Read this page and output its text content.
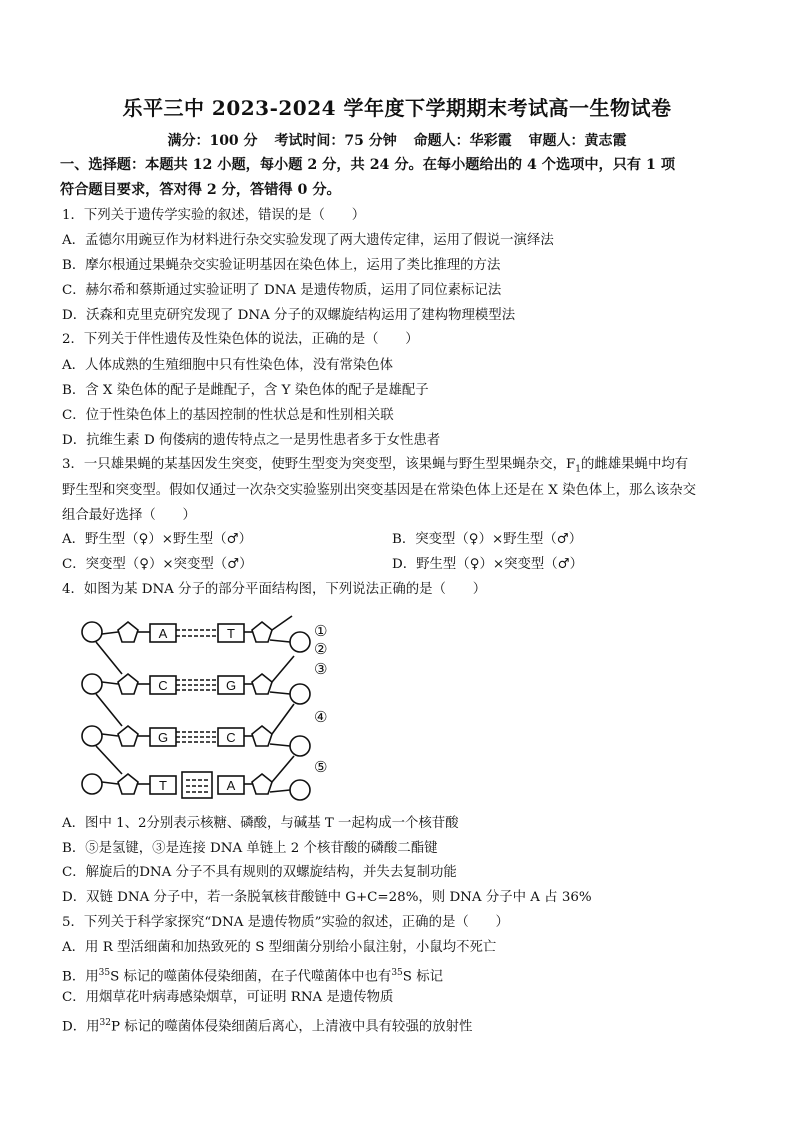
乐平三中 2023-2024 学年度下学期期末考试高一生物试卷
满分：100 分 考试时间：75 分钟 命题人：华彩霞 审题人：黄志霞
一、选择题：本题共 12 小题，每小题 2 分，共 24 分。在每小题给出的 4 个选项中，只有 1 项
符合题目要求，答对得 2 分，答错得 0 分。
1．下列关于遗传学实验的叙述，错误的是（　　）
A．孟德尔用豌豆作为材料进行杂交实验发现了两大遗传定律，运用了假说一演绎法
B．摩尔根通过果蝇杂交实验证明基因在染色体上，运用了类比推理的方法
C．赫尔希和蔡斯通过实验证明了 DNA 是遗传物质，运用了同位素标记法
D．沃森和克里克研究发现了 DNA 分子的双螺旋结构运用了建构物理模型法
2．下列关于伴性遗传及性染色体的说法，正确的是（　　）
A．人体成熟的生殖细胞中只有性染色体，没有常染色体
B．含 X 染色体的配子是雌配子，含 Y 染色体的配子是雄配子
C．位于性染色体上的基因控制的性状总是和性别相关联
D．抗维生素 D 佝偻病的遗传特点之一是男性患者多于女性患者
3．一只雄果蝇的某基因发生突变，使野生型变为突变型，该果蝇与野生型果蝇杂交，$F_1$的雌雄果蝇中均有
野生型和突变型。假如仅通过一次杂交实验鉴别出突变基因是在常染色体上还是在 X 染色体上，那么该杂交
组合最好选择（　　）
A．野生型（♀）×野生型（♂）	B．突变型（♀）×野生型（♂）
C．突变型（♀）×突变型（♂）	D．野生型（♀）×突变型（♂）
4．如图为某 DNA 分子的部分平面结构图，下列说法正确的是（　　）
A	T
C	G
G	C
T	A
①
②
③
④
⑤
A．图中 1、2分别表示核糖、磷酸，与碱基 T 一起构成一个核苷酸
B．⑤是氢键，③是连接 DNA 单链上 2 个核苷酸的磷酸二酯键
C．解旋后的DNA 分子不具有规则的双螺旋结构，并失去复制功能
D．双链 DNA 分子中，若一条脱氧核苷酸链中 G+C=28%，则 DNA 分子中 A 占 36%
5．下列关于科学家探究“DNA 是遗传物质”实验的叙述，正确的是（　　）
A．用 R 型活细菌和加热致死的 S 型细菌分别给小鼠注射，小鼠均不死亡
B．用$^{35}$S 标记的噬菌体侵染细菌，在子代噬菌体中也有$^{35}$S 标记
C．用烟草花叶病毒感染烟草，可证明 RNA 是遗传物质
D．用$^{32}$P 标记的噬菌体侵染细菌后离心，上清液中具有较强的放射性
